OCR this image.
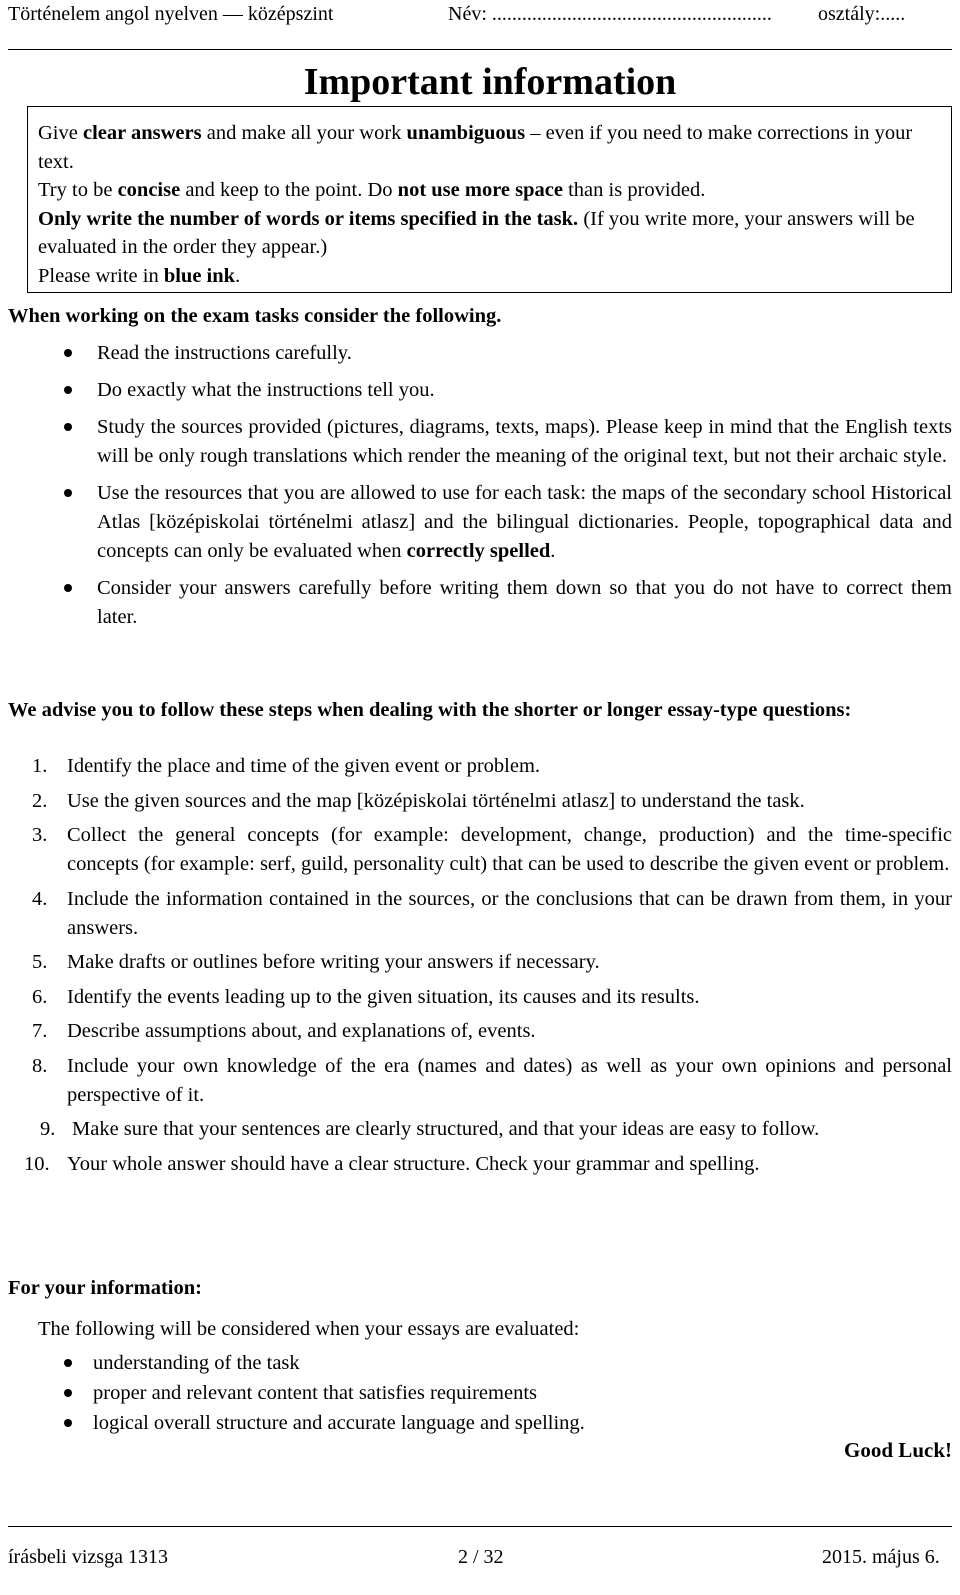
Történelem angol nyelven — középszint	Név: ........................................................ osztály:.....
Important information

Give clear answers and make all your work unambiguous – even if you need to make corrections in your text.

Try to be concise and keep to the point. Do not use more space than is provided.

Only write the number of words or items specified in the task. (If you write more, your answers will be evaluated in the order they appear.)

Please write in blue ink.

When working on the exam tasks consider the following.
Read the instructions carefully.
Do exactly what the instructions tell you.
Study the sources provided (pictures, diagrams, texts, maps). Please keep in mind that the English texts will be only rough translations which render the meaning of the original text, but not their archaic style.
Use the resources that you are allowed to use for each task: the maps of the secondary school Historical Atlas [középiskolai történelmi atlasz] and the bilingual dictionaries. People, topographical data and concepts can only be evaluated when correctly spelled.
Consider your answers carefully before writing them down so that you do not have to correct them later.
We advise you to follow these steps when dealing with the shorter or longer essay-type questions:
1. Identify the place and time of the given event or problem.
2. Use the given sources and the map [középiskolai történelmi atlasz] to understand the task.
3. Collect the general concepts (for example: development, change, production) and the time-specific concepts (for example: serf, guild, personality cult) that can be used to describe the given event or problem.
4. Include the information contained in the sources, or the conclusions that can be drawn from them, in your answers.
5. Make drafts or outlines before writing your answers if necessary.
6. Identify the events leading up to the given situation, its causes and its results.
7. Describe assumptions about, and explanations of, events.
8. Include your own knowledge of the era (names and dates) as well as your own opinions and personal perspective of it.
9. Make sure that your sentences are clearly structured, and that your ideas are easy to follow.
10. Your whole answer should have a clear structure. Check your grammar and spelling.
For your information:
The following will be considered when your essays are evaluated:
understanding of the task
proper and relevant content that satisfies requirements
logical overall structure and accurate language and spelling.
Good Luck!
írásbeli vizsga 1313	2 / 32	2015. május 6.
